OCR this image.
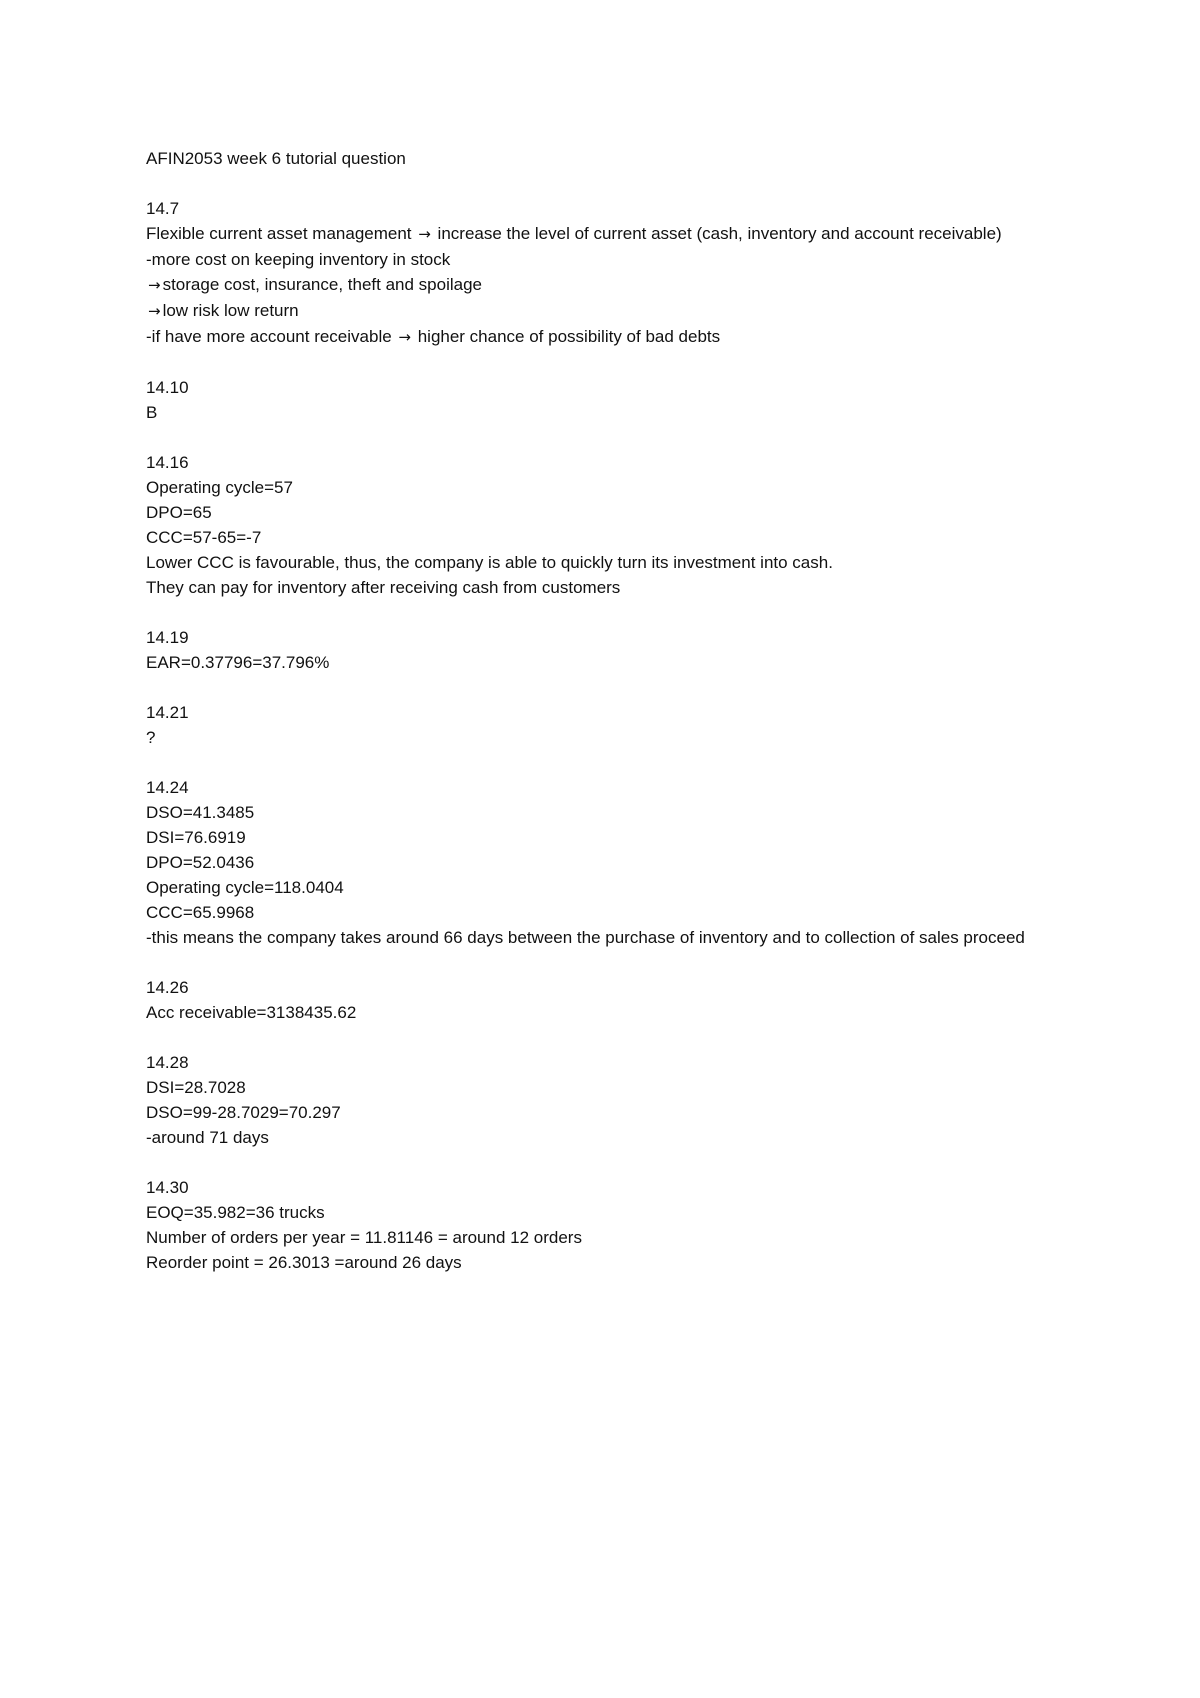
AFIN2053 week 6 tutorial question
14.7
Flexible current asset management → increase the level of current asset (cash, inventory and account receivable)
-more cost on keeping inventory in stock
→ storage cost, insurance, theft and spoilage
→ low risk low return
-if have more account receivable → higher chance of possibility of bad debts
14.10
B
14.16
Operating cycle=57
DPO=65
CCC=57-65=-7
Lower CCC is favourable, thus, the company is able to quickly turn its investment into cash.
They can pay for inventory after receiving cash from customers
14.19
EAR=0.37796=37.796%
14.21
?
14.24
DSO=41.3485
DSI=76.6919
DPO=52.0436
Operating cycle=118.0404
CCC=65.9968
-this means the company takes around 66 days between the purchase of inventory and to collection of sales proceed
14.26
Acc receivable=3138435.62
14.28
DSI=28.7028
DSO=99-28.7029=70.297
-around 71 days
14.30
EOQ=35.982=36 trucks
Number of orders per year = 11.81146 = around 12 orders
Reorder point = 26.3013 =around 26 days
